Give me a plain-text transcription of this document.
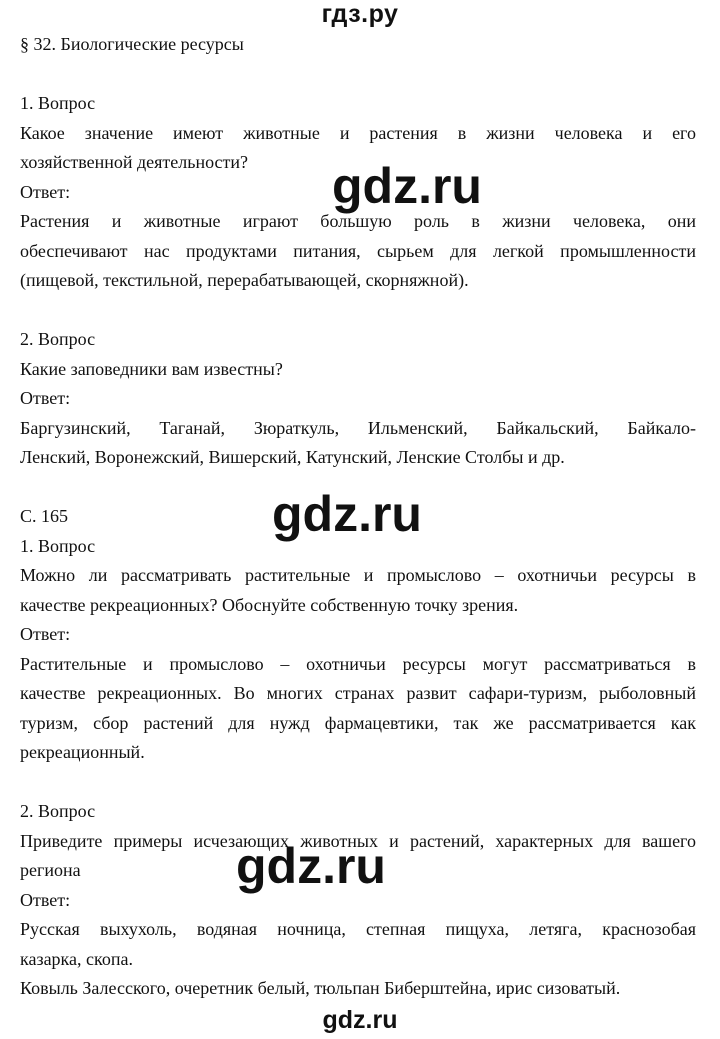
гдз.ру

§ 32. Биологические ресурсы

1. Вопрос

Какое значение имеют животные и растения в жизни человека и его

хозяйственной деятельности?

Ответ:

Растения и животные играют большую роль в жизни человека, они

обеспечивают нас продуктами питания, сырьем для легкой промышленности

(пищевой, текстильной, перерабатывающей, скорняжной).

2. Вопрос

Какие заповедники вам известны?

Ответ:

Баргузинский, Таганай, Зюраткуль, Ильменский, Байкальский, Байкало-

Ленский, Воронежский, Вишерский, Катунский, Ленские Столбы и др.

С. 165

1. Вопрос

Можно ли рассматривать растительные и промыслово – охотничьи ресурсы в

качестве рекреационных? Обоснуйте собственную точку зрения.

Ответ:

Растительные и промыслово – охотничьи ресурсы могут рассматриваться в

качестве рекреационных. Во многих странах развит сафари-туризм, рыболовный

туризм, сбор растений для нужд фармацевтики, так же рассматривается как

рекреационный.

2. Вопрос

Приведите примеры исчезающих животных и растений, характерных для вашего

региона

Ответ:

Русская выхухоль, водяная ночница, степная пищуха, летяга, краснозобая

казарка, скопа.

Ковыль Залесского, очеретник белый, тюльпан Биберштейна, ирис сизоватый.

gdz.ru
gdz.ru
gdz.ru
gdz.ru
